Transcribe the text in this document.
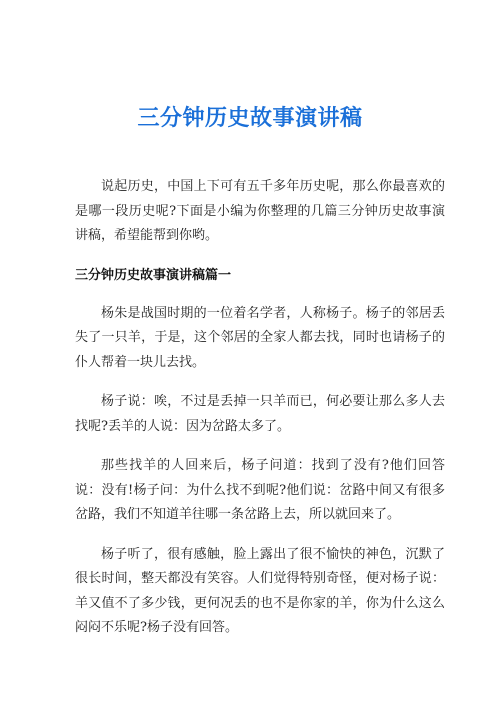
三分钟历史故事演讲稿

说起历史，中国上下可有五千多年历史呢，那么你最喜欢的是哪一段历史呢?下面是小编为你整理的几篇三分钟历史故事演讲稿，希望能帮到你哟。

三分钟历史故事演讲稿篇一

杨朱是战国时期的一位着名学者，人称杨子。杨子的邻居丢失了一只羊，于是，这个邻居的全家人都去找，同时也请杨子的仆人帮着一块儿去找。

杨子说：唉，不过是丢掉一只羊而已，何必要让那么多人去找呢?丢羊的人说：因为岔路太多了。

那些找羊的人回来后，杨子问道：找到了没有?他们回答说：没有!杨子问：为什么找不到呢?他们说：岔路中间又有很多岔路，我们不知道羊往哪一条岔路上去，所以就回来了。

杨子听了，很有感触，脸上露出了很不愉快的神色，沉默了很长时间，整天都没有笑容。人们觉得特别奇怪，便对杨子说：羊又值不了多少钱，更何况丢的也不是你家的羊，你为什么这么闷闷不乐呢?杨子没有回答。
